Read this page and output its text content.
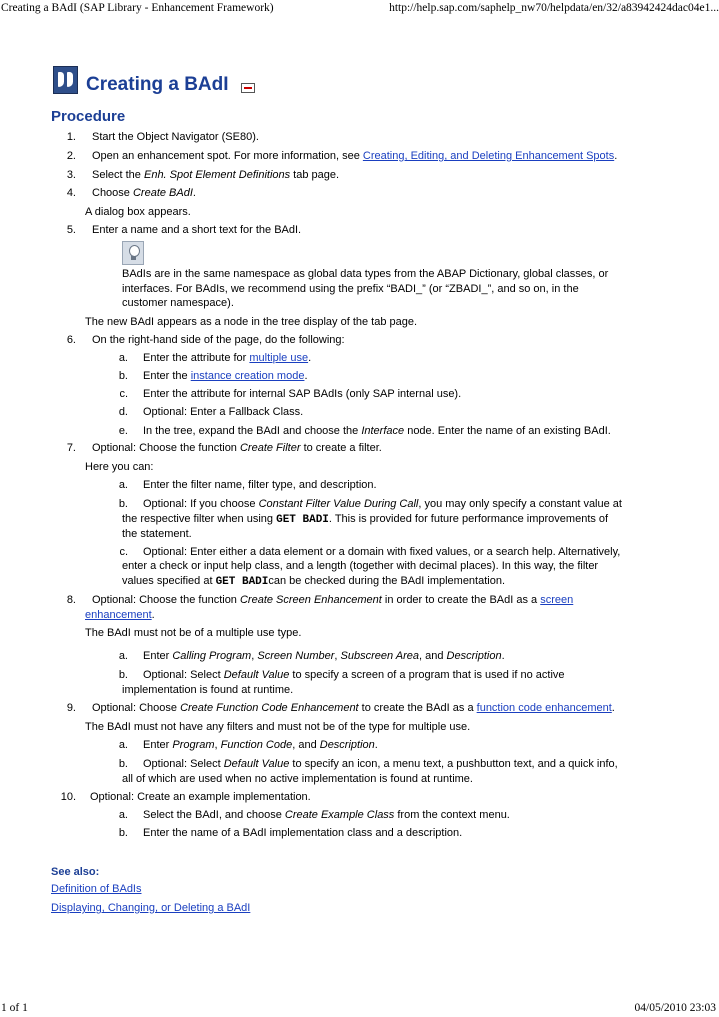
Creating a BAdI (SAP Library - Enhancement Framework)	http://help.sap.com/saphelp_nw70/helpdata/en/32/a83942424dac04e1...
Creating a BAdI
Procedure
1. Start the Object Navigator (SE80).
2. Open an enhancement spot. For more information, see Creating, Editing, and Deleting Enhancement Spots.
3. Select the Enh. Spot Element Definitions tab page.
4. Choose Create BAdI.
A dialog box appears.
5. Enter a name and a short text for the BAdI.
BAdIs are in the same namespace as global data types from the ABAP Dictionary, global classes, or
interfaces. For BAdIs, we recommend using the prefix “BADI_” (or “ZBADI_”, and so on, in the
customer namespace).
The new BAdI appears as a node in the tree display of the tab page.
6. On the right-hand side of the page, do the following:
a. Enter the attribute for multiple use.
b. Enter the instance creation mode.
c. Enter the attribute for internal SAP BAdIs (only SAP internal use).
d. Optional: Enter a Fallback Class.
e. In the tree, expand the BAdI and choose the Interface node. Enter the name of an existing BAdI.
7. Optional: Choose the function Create Filter to create a filter.
Here you can:
a. Enter the filter name, filter type, and description.
b. Optional: If you choose Constant Filter Value During Call, you may only specify a constant value at
the respective filter when using GET BADI. This is provided for future performance improvements of
the statement.
c. Optional: Enter either a data element or a domain with fixed values, or a search help. Alternatively,
enter a check or input help class, and a length (together with decimal places). In this way, the filter
values specified at GET BADIcan be checked during the BAdI implementation.
8. Optional: Choose the function Create Screen Enhancement in order to create the BAdI as a screen
enhancement.
The BAdI must not be of a multiple use type.
a. Enter Calling Program, Screen Number, Subscreen Area, and Description.
b. Optional: Select Default Value to specify a screen of a program that is used if no active
implementation is found at runtime.
9. Optional: Choose Create Function Code Enhancement to create the BAdI as a function code enhancement.
The BAdI must not have any filters and must not be of the type for multiple use.
a. Enter Program, Function Code, and Description.
b. Optional: Select Default Value to specify an icon, a menu text, a pushbutton text, and a quick info,
all of which are used when no active implementation is found at runtime.
10. Optional: Create an example implementation.
a. Select the BAdI, and choose Create Example Class from the context menu.
b. Enter the name of a BAdI implementation class and a description.
See also:
Definition of BAdIs
Displaying, Changing, or Deleting a BAdI
1 of 1	04/05/2010 23:03
